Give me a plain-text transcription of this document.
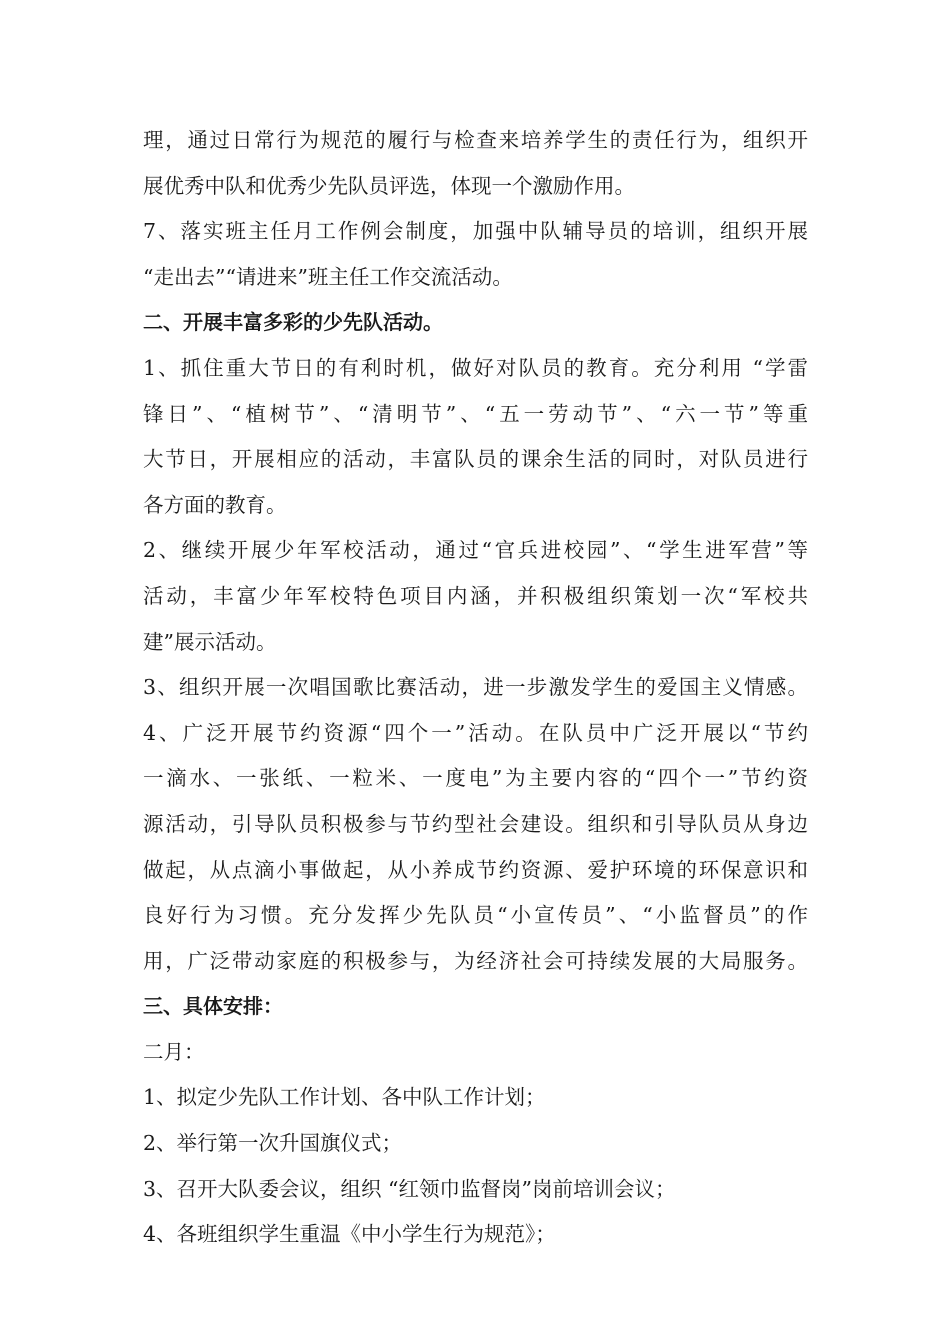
理，通过日常行为规范的履行与检查来培养学生的责任行为，组织开
展优秀中队和优秀少先队员评选，体现一个激励作用。
7、落实班主任月工作例会制度，加强中队辅导员的培训，组织开展
“走出去”“请进来”班主任工作交流活动。
二、开展丰富多彩的少先队活动。
1、抓住重大节日的有利时机，做好对队员的教育。充分利用 “学雷
锋日”、“植树节”、“清明节”、“五一劳动节”、“六一节”等重
大节日，开展相应的活动，丰富队员的课余生活的同时，对队员进行
各方面的教育。
2、继续开展少年军校活动，通过“官兵进校园”、“学生进军营”等
活动，丰富少年军校特色项目内涵，并积极组织策划一次“军校共
建”展示活动。
3、组织开展一次唱国歌比赛活动，进一步激发学生的爱国主义情感。
4、广泛开展节约资源“四个一”活动。在队员中广泛开展以“节约
一滴水、一张纸、一粒米、一度电”为主要内容的“四个一”节约资
源活动，引导队员积极参与节约型社会建设。组织和引导队员从身边
做起，从点滴小事做起，从小养成节约资源、爱护环境的环保意识和
良好行为习惯。充分发挥少先队员“小宣传员”、“小监督员”的作
用，广泛带动家庭的积极参与，为经济社会可持续发展的大局服务。
三、具体安排：
二月：
1、拟定少先队工作计划、各中队工作计划；
2、举行第一次升国旗仪式；
3、召开大队委会议，组织 “红领巾监督岗”岗前培训会议；
4、各班组织学生重温《中小学生行为规范》；
